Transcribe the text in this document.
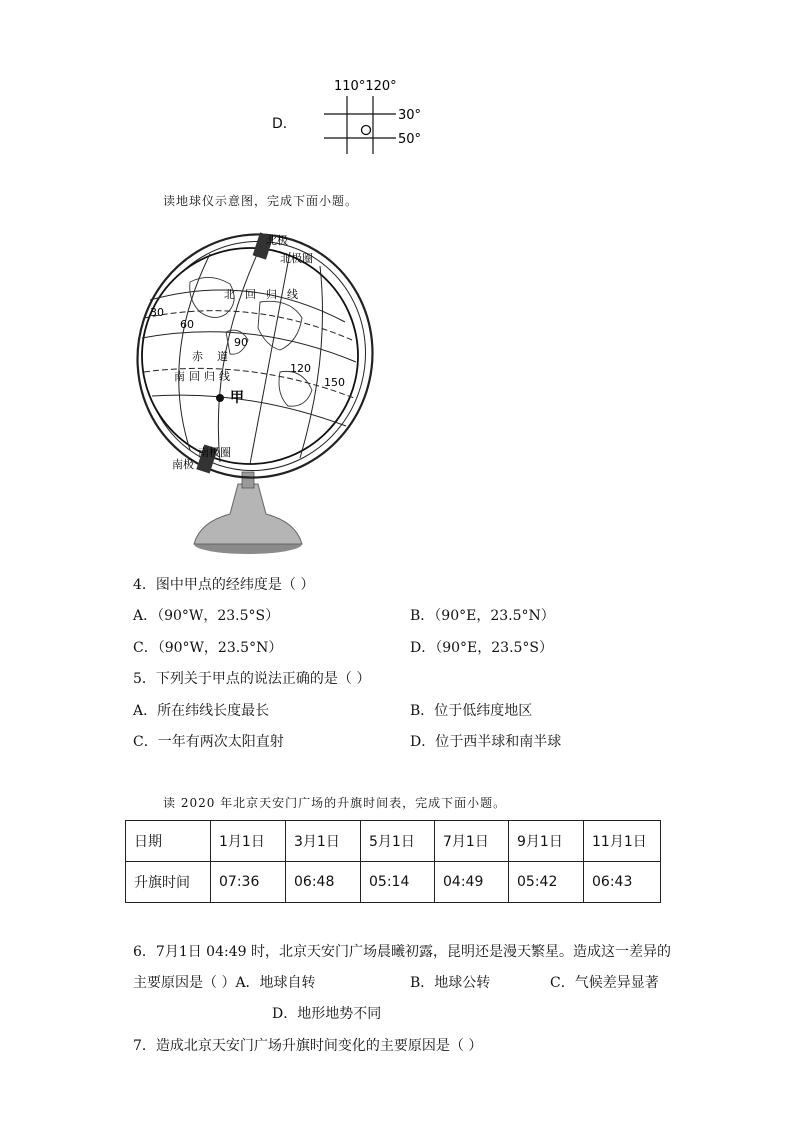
D．
110°120°
30°
50°
读地球仪示意图，完成下面小题。
北极
北极圈
北回归线
赤道
南回归线
甲
南极圈
南极
30
60
90
120
150
4．图中甲点的经纬度是（ ）
A．（90°W，23.5°S）	B．（90°E，23.5°N）
C．（90°W，23.5°N）	D．（90°E，23.5°S）
5．下列关于甲点的说法正确的是（ ）
A．所在纬线长度最长	B．位于低纬度地区
C．一年有两次太阳直射	D．位于西半球和南半球
读 2020 年北京天安门广场的升旗时间表，完成下面小题。
日期	1月1日	3月1日	5月1日	7月1日	9月1日	11月1日
升旗时间	07:36	06:48	05:14	04:49	05:42	06:43
6．7月1日 04:49 时，北京天安门广场晨曦初露，昆明还是漫天繁星。造成这一差异的
主要原因是（ ）A．地球自转	B．地球公转	C．气候差异显著
D．地形地势不同
7．造成北京天安门广场升旗时间变化的主要原因是（ ）
